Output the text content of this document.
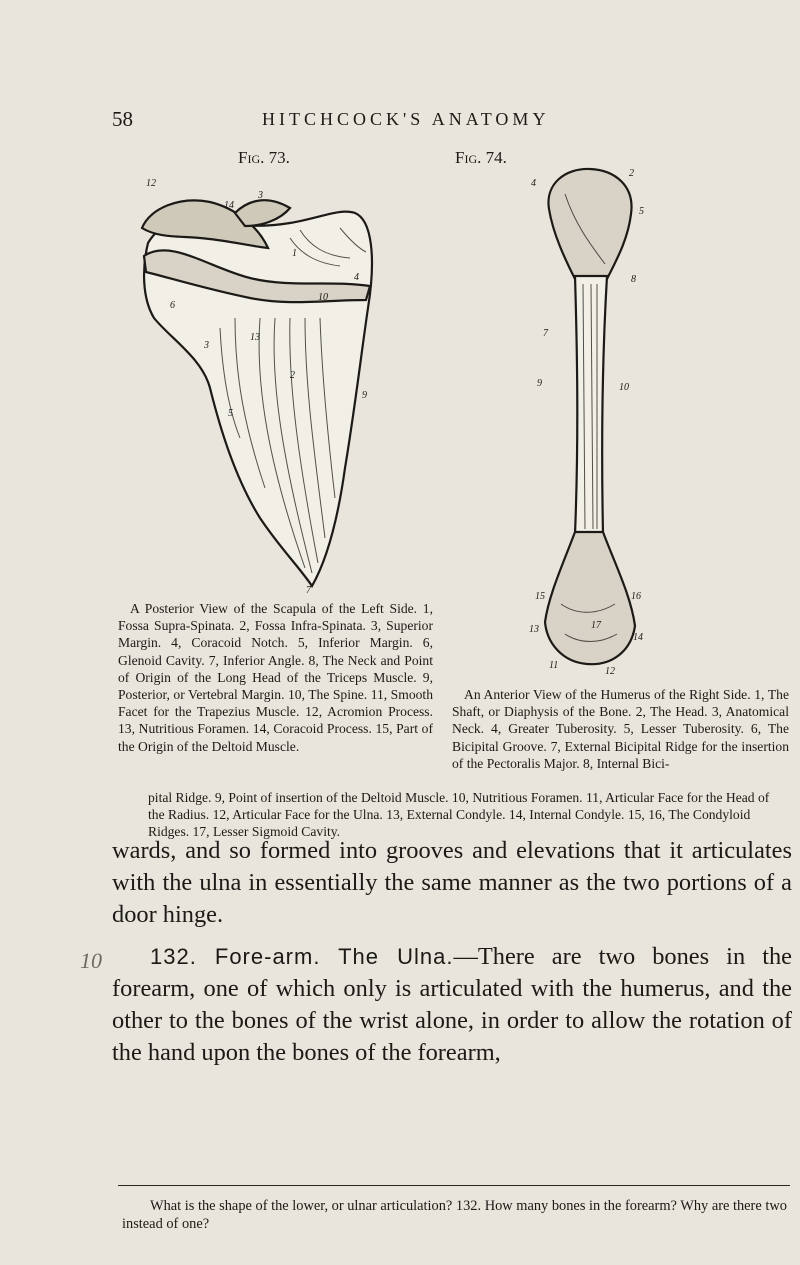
58	HITCHCOCK'S ANATOMY
Fig. 73.	Fig. 74.
12
14
3
1
4
10
6
13
3
2
5
9
7
4
2
5
8
7
9	10
15	16
13	17
14
11
12

A Posterior View of the Scapula of the Left Side. 1, Fossa Supra-Spinata. 2, Fossa Infra-Spinata. 3, Superior Margin. 4, Coracoid Notch. 5, Inferior Margin. 6, Glenoid Cavity. 7, Inferior Angle. 8, The Neck and Point of Origin of the Long Head of the Triceps Muscle. 9, Posterior, or Vertebral Margin. 10, The Spine. 11, Smooth Facet for the Trapezius Muscle. 12, Acromion Process. 13, Nutritious Foramen. 14, Coracoid Process. 15, Part of the Origin of the Deltoid Muscle.

An Anterior View of the Humerus of the Right Side. 1, The Shaft, or Diaphysis of the Bone. 2, The Head. 3, Anatomical Neck. 4, Greater Tuberosity. 5, Lesser Tuberosity. 6, The Bicipital Groove. 7, External Bicipital Ridge for the insertion of the Pectoralis Major. 8, Internal Bici-

pital Ridge. 9, Point of insertion of the Deltoid Muscle. 10, Nutritious Foramen. 11, Articular Face for the Head of the Radius. 12, Articular Face for the Ulna. 13, External Condyle. 14, Internal Condyle. 15, 16, The Condyloid Ridges. 17, Lesser Sigmoid Cavity.

wards, and so formed into grooves and elevations that it articulates with the ulna in essentially the same manner as the two portions of a door hinge.

10	132. Fore-arm. The Ulna.—There are two bones in the forearm, one of which only is articulated with the humerus, and the other to the bones of the wrist alone, in order to allow the rotation of the hand upon the bones of the forearm,

What is the shape of the lower, or ulnar articulation? 132. How many bones in the forearm? Why are there two instead of one?
